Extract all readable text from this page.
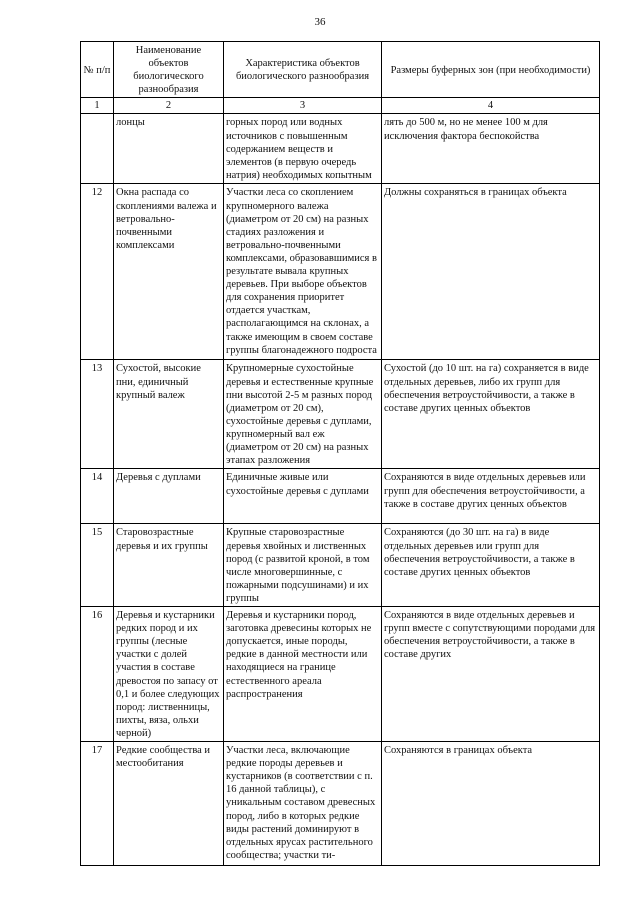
36
№ п/п	Наименование объектов биологического разнообразия	Характеристика объектов биологического разнообразия	Размеры буферных зон (при необходимости)
1	2	3	4
	лонцы	горных пород или водных источников с повышенным содержанием веществ и элементов (в первую очередь натрия) необходимых копытным	лять до 500 м, но не менее 100 м для исключения фактора беспокойства
12	Окна распада со скоплениями валежа и ветровально-почвенными комплексами	Участки леса со скоплением крупномерного валежа (диаметром от 20 см) на разных стадиях разложения и ветровально-почвенными комплексами, образовавшимися в результате вывала крупных деревьев. При выборе объектов для сохранения приоритет отдается участкам, располагающимся на склонах, а также имеющим в своем составе группы благонадежного подроста	Должны сохраняться в границах объекта
13	Сухостой, высокие пни, единичный крупный валеж	Крупномерные сухостойные деревья и естественные крупные пни высотой 2-5 м разных пород (диаметром от 20 см), сухостойные деревья с дуплами, крупномерный вал еж (диаметром от 20 см) на разных этапах разложения	Сухостой (до 10 шт. на га) сохраняется в виде отдельных деревьев, либо их групп для обеспечения ветроустойчивости, а также в составе других ценных объектов
14	Деревья с дуплами	Единичные живые или сухостойные деревья с дуплами	Сохраняются в виде отдельных деревьев или групп для обеспечения ветроустойчивости, а также в составе других ценных объектов
15	Старовозрастные деревья и их группы	Крупные старовозрастные деревья хвойных и лиственных пород (с развитой кроной, в том числе многовершинные, с пожарными подсушинами) и их группы	Сохраняются (до 30 шт. на га) в виде отдельных деревьев или групп для обеспечения ветроустойчивости, а также в составе других ценных объектов
16	Деревья и кустарники редких пород и их группы (лесные участки с долей участия в составе древостоя по запасу от 0,1 и более следующих пород: лиственницы, пихты, вяза, ольхи черной)	Деревья и кустарники пород, заготовка древесины которых не допускается, иные породы, редкие в данной местности или находящиеся на границе естественного ареала распространения	Сохраняются в виде отдельных деревьев и групп вместе с сопутствующими породами для обеспечения ветроустойчивости, а также в составе других
17	Редкие сообщества и местообитания	Участки леса, включающие редкие породы деревьев и кустарников (в соответствии с п. 16 данной таблицы), с уникальным составом древесных пород, либо в которых редкие виды растений доминируют в отдельных ярусах растительного сообщества; участки ти-	Сохраняются в границах объекта
